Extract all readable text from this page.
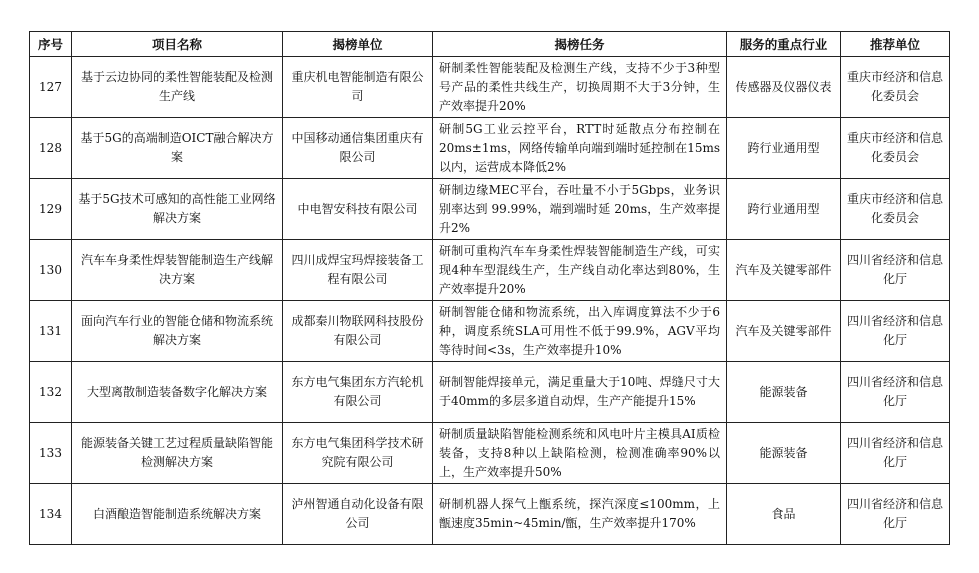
序号	项目名称	揭榜单位	揭榜任务	服务的重点行业	推荐单位
127	基于云边协同的柔性智能装配及检测生产线	重庆机电智能制造有限公司	研制柔性智能装配及检测生产线，支持不少于3种型号产品的柔性共线生产，切换周期不大于3分钟，生产效率提升20%	传感器及仪器仪表	重庆市经济和信息化委员会
128	基于5G的高端制造OICT融合解决方案	中国移动通信集团重庆有限公司	研制5G工业云控平台，RTT时延散点分布控制在20ms±1ms，网络传输单向端到端时延控制在15ms以内，运营成本降低2%	跨行业通用型	重庆市经济和信息化委员会
129	基于5G技术可感知的高性能工业网络解决方案	中电智安科技有限公司	研制边缘MEC平台，吞吐量不小于5Gbps，业务识别率达到 99.99%，端到端时延 20ms，生产效率提升2%	跨行业通用型	重庆市经济和信息化委员会
130	汽车车身柔性焊装智能制造生产线解决方案	四川成焊宝玛焊接装备工程有限公司	研制可重构汽车车身柔性焊装智能制造生产线，可实现4种车型混线生产，生产线自动化率达到80%，生产效率提升20%	汽车及关键零部件	四川省经济和信息化厅
131	面向汽车行业的智能仓储和物流系统解决方案	成都秦川物联网科技股份有限公司	研制智能仓储和物流系统，出入库调度算法不少于6种，调度系统SLA可用性不低于99.9%，AGV平均等待时间<3s，生产效率提升10%	汽车及关键零部件	四川省经济和信息化厅
132	大型离散制造装备数字化解决方案	东方电气集团东方汽轮机有限公司	研制智能焊接单元，满足重量大于10吨、焊缝尺寸大于40mm的多层多道自动焊，生产产能提升15%	能源装备	四川省经济和信息化厅
133	能源装备关键工艺过程质量缺陷智能检测解决方案	东方电气集团科学技术研究院有限公司	研制质量缺陷智能检测系统和风电叶片主模具AI质检装备，支持8种以上缺陷检测，检测准确率90%以上，生产效率提升50%	能源装备	四川省经济和信息化厅
134	白酒酿造智能制造系统解决方案	泸州智通自动化设备有限公司	研制机器人探气上甑系统，探汽深度≤100mm，上甑速度35min~45min/甑，生产效率提升170%	食品	四川省经济和信息化厅
